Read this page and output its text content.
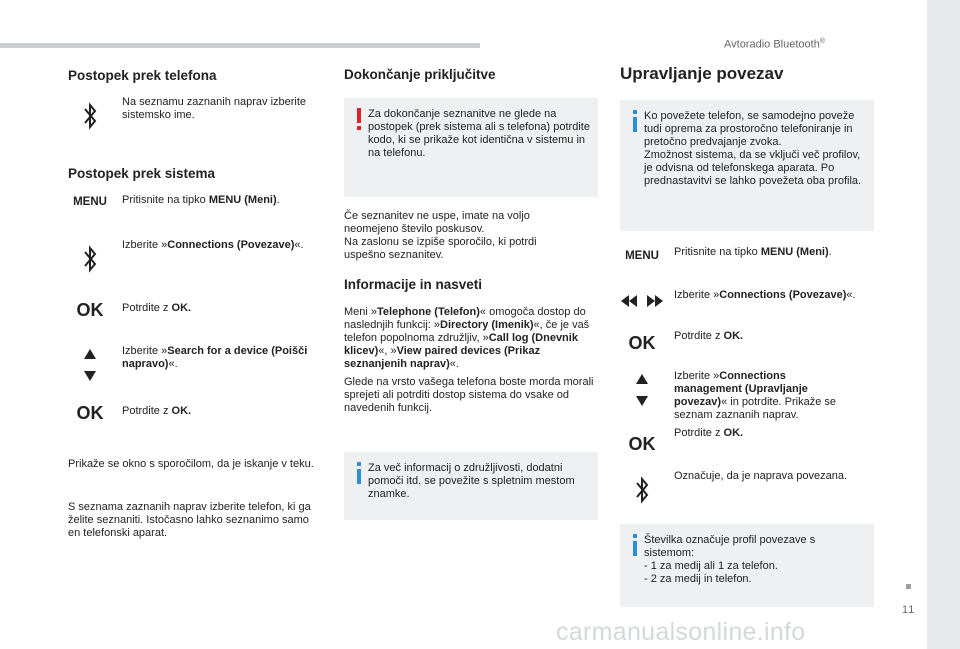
Avtoradio Bluetooth®
11
carmanualsonline.info
Postopek prek telefona
Na seznamu zaznanih naprav izberite sistemsko ime.
Postopek prek sistema
MENU Pritisnite na tipko MENU (Meni).
Izberite »Connections (Povezave)«.
OK Potrdite z OK.
Izberite »Search for a device (Poišči napravo)«.
OK Potrdite z OK.
Prikaže se okno s sporočilom, da je iskanje v teku.
S seznama zaznanih naprav izberite telefon, ki ga želite seznaniti. Istočasno lahko seznanimo samo en telefonski aparat.
Dokončanje priključitve
Za dokončanje seznanitve ne glede na postopek (prek sistema ali s telefona) potrdite kodo, ki se prikaže kot identična v sistemu in na telefonu.
Če seznanitev ne uspe, imate na voljo neomejeno število poskusov.
Na zaslonu se izpiše sporočilo, ki potrdi uspešno seznanitev.
Informacije in nasveti
Meni »Telephone (Telefon)« omogoča dostop do naslednjih funkcij: »Directory (Imenik)«, če je vaš telefon popolnoma združljiv, »Call log (Dnevnik klicev)«, »View paired devices (Prikaz seznanjenih naprav)«.
Glede na vrsto vašega telefona boste morda morali sprejeti ali potrditi dostop sistema do vsake od navedenih funkcij.
Za več informacij o združljivosti, dodatni pomoči itd. se povežite s spletnim mestom znamke.
Upravljanje povezav
Ko povežete telefon, se samodejno poveže tudi oprema za prostoročno telefoniranje in pretočno predvajanje zvoka.
Zmožnost sistema, da se vključi več profilov, je odvisna od telefonskega aparata. Po prednastavitvi se lahko povežeta oba profila.
MENU Pritisnite na tipko MENU (Meni).
Izberite »Connections (Povezave)«.
OK Potrdite z OK.
Izberite »Connections management (Upravljanje povezav)« in potrdite. Prikaže se seznam zaznanih naprav.
OK
Potrdite z OK.
Označuje, da je naprava povezana.
Številka označuje profil povezave s sistemom:
- 1 za medij ali 1 za telefon.
- 2 za medij in telefon.
